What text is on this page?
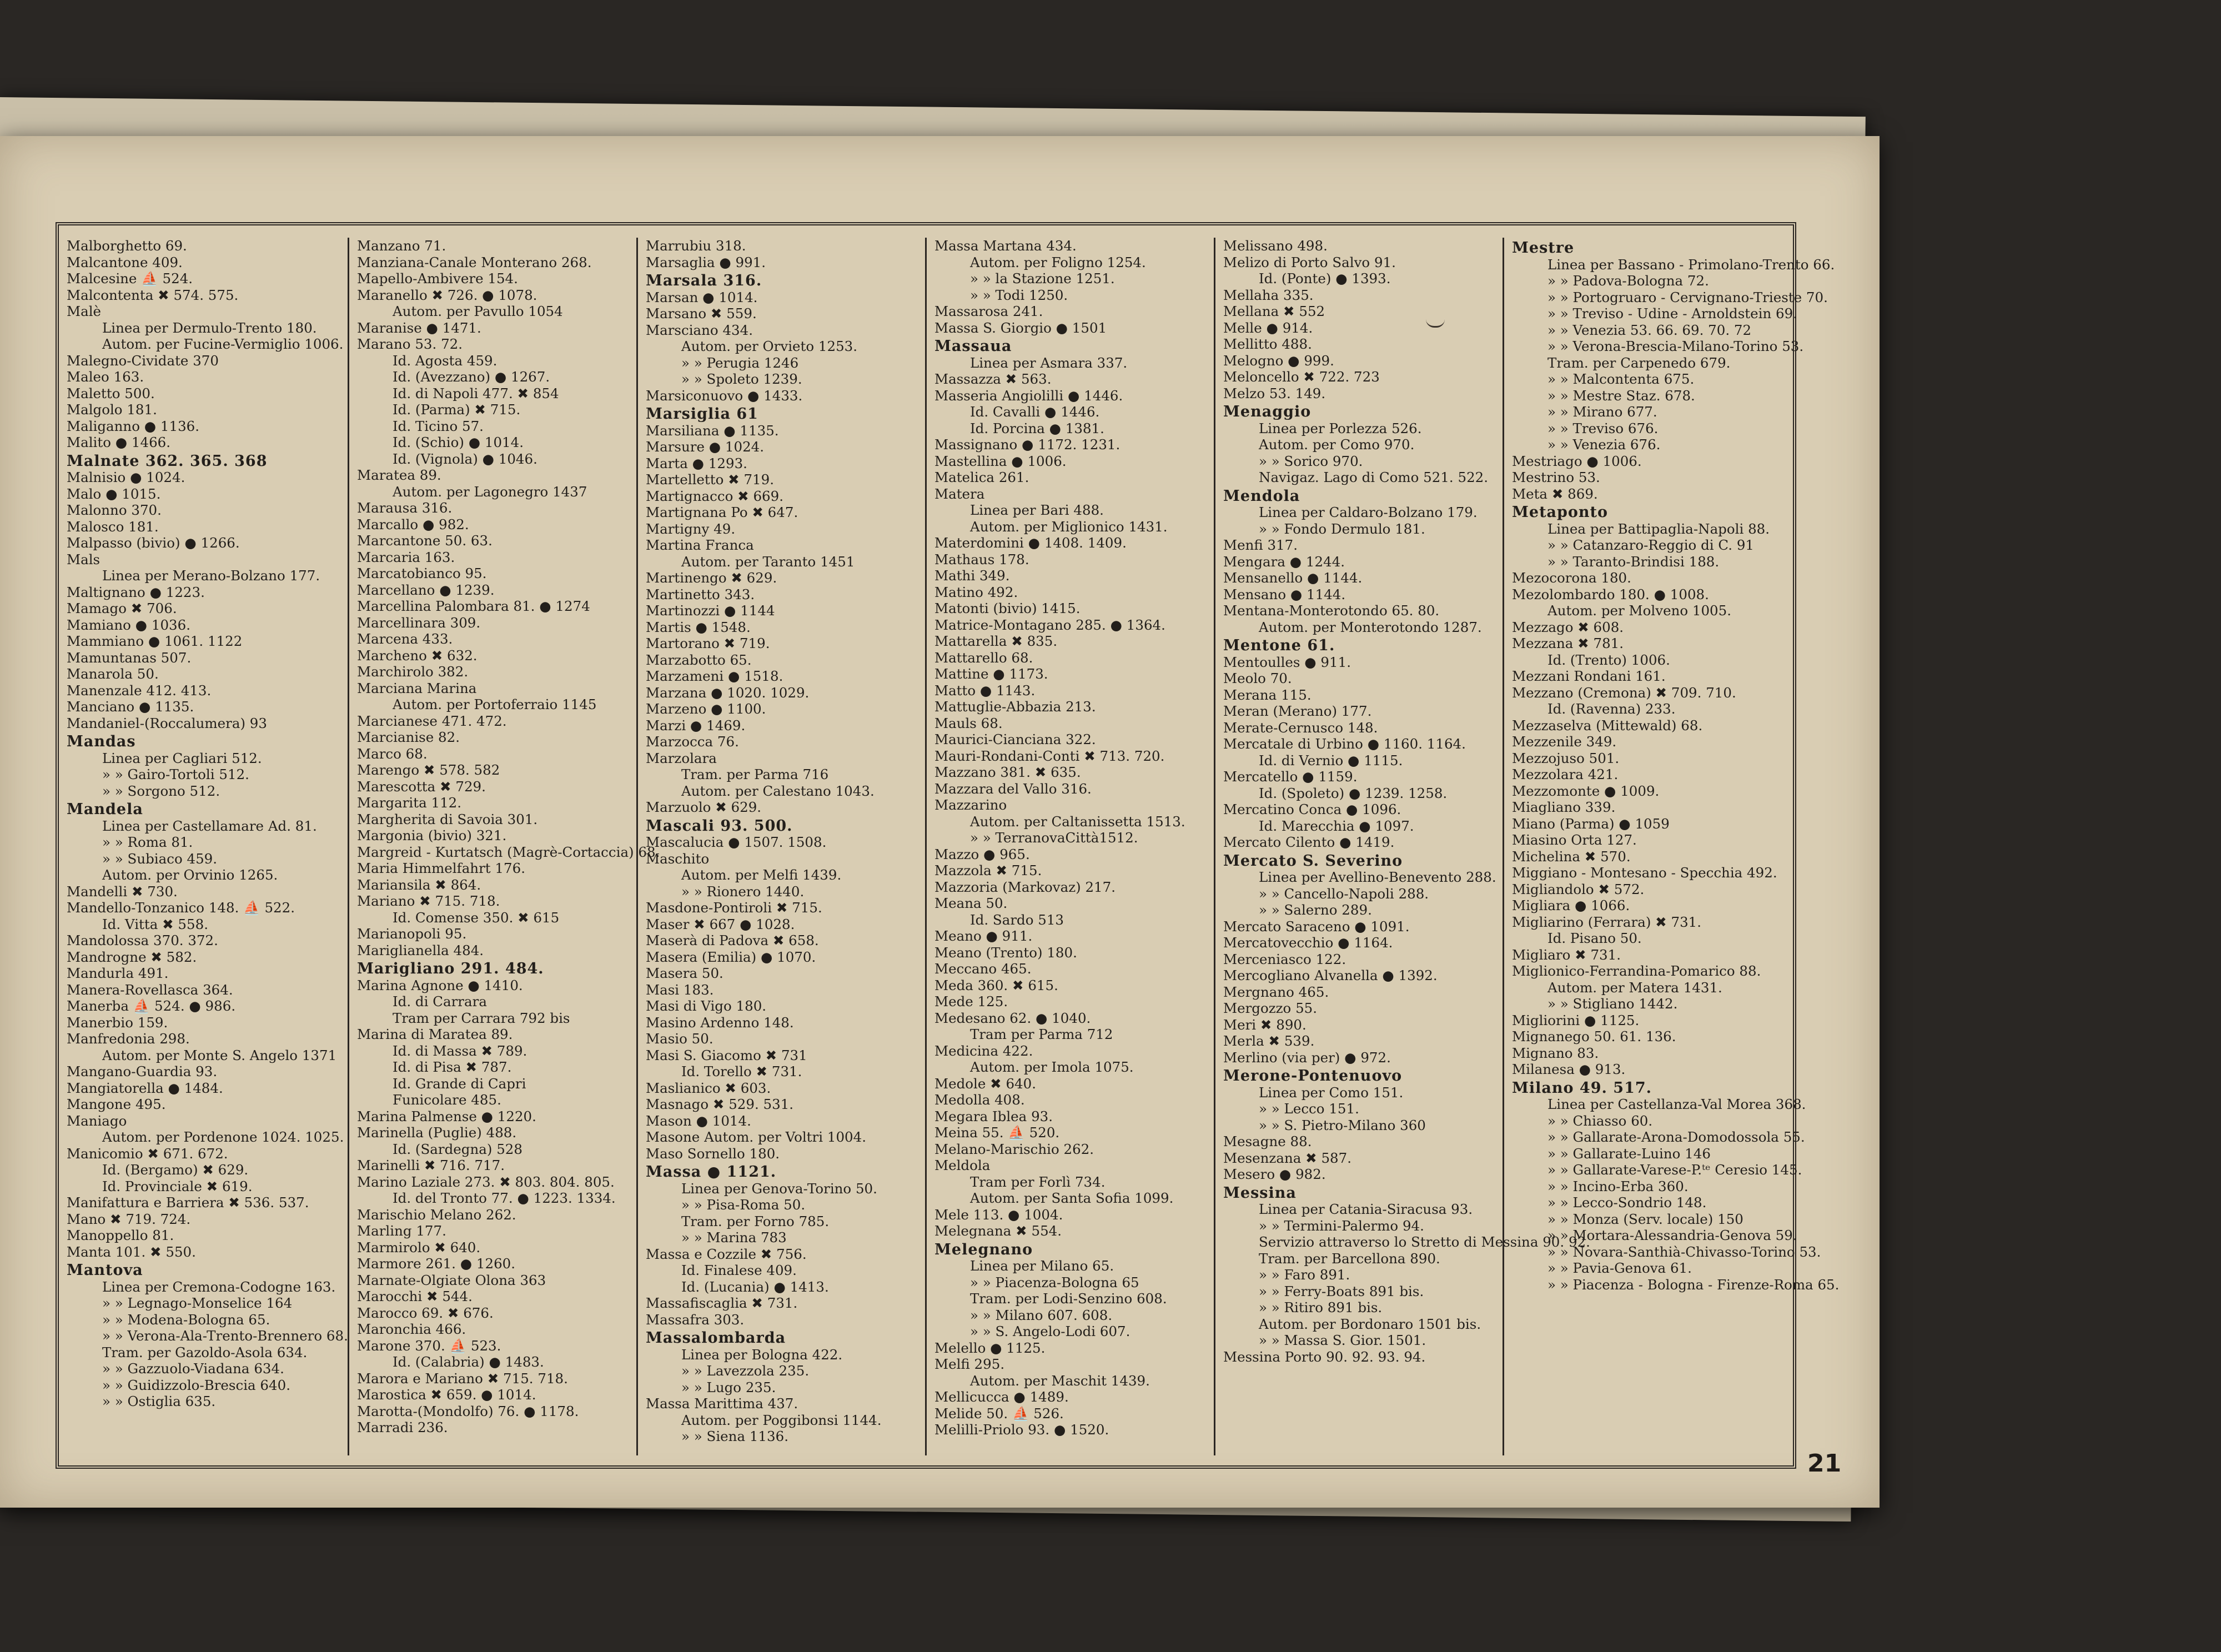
Malborghetto 69.

Malcantone 409.

Malcesine ⛵ 524.

Malcontenta ✖ 574. 575.

Malè

Linea per Dermulo-Trento 180.

Autom. per Fucine-Vermiglio 1006.

Malegno-Cividate 370

Maleo 163.

Maletto 500.

Malgolo 181.

Maliganno ● 1136.

Malito ● 1466.

Malnate 362. 365. 368

Malnisio ● 1024.

Malo ● 1015.

Malonno 370.

Malosco 181.

Malpasso (bivio) ● 1266.

Mals

Linea per Merano-Bolzano 177.

Maltignano ● 1223.

Mamago ✖ 706.

Mamiano ● 1036.

Mammiano ● 1061. 1122

Mamuntanas 507.

Manarola 50.

Manenzale 412. 413.

Manciano ● 1135.

Mandaniel-(Roccalumera) 93

Mandas

Linea per Cagliari 512.

» » Gairo-Tortoli 512.

» » Sorgono 512.

Mandela

Linea per Castellamare Ad. 81.

» » Roma 81.

» » Subiaco 459.

Autom. per Orvinio 1265.

Mandelli ✖ 730.

Mandello-Tonzanico 148. ⛵ 522.

Id. Vitta ✖ 558.

Mandolossa 370. 372.

Mandrogne ✖ 582.

Mandurla 491.

Manera-Rovellasca 364.

Manerba ⛵ 524. ● 986.

Manerbio 159.

Manfredonia 298.

Autom. per Monte S. Angelo 1371

Mangano-Guardia 93.

Mangiatorella ● 1484.

Mangone 495.

Maniago

Autom. per Pordenone 1024. 1025.

Manicomio ✖ 671. 672.

Id. (Bergamo) ✖ 629.

Id. Provinciale ✖ 619.

Manifattura e Barriera ✖ 536. 537.

Mano ✖ 719. 724.

Manoppello 81.

Manta 101. ✖ 550.

Mantova

Linea per Cremona-Codogne 163.

» » Legnago-Monselice 164

» » Modena-Bologna 65.

» » Verona-Ala-Trento-Brennero 68.

Tram. per Gazoldo-Asola 634.

» » Gazzuolo-Viadana 634.

» » Guidizzolo-Brescia 640.

» » Ostiglia 635.

Manzano 71.

Manziana-Canale Monterano 268.

Mapello-Ambivere 154.

Maranello ✖ 726. ● 1078.

Autom. per Pavullo 1054

Maranise ● 1471.

Marano 53. 72.

Id. Agosta 459.

Id. (Avezzano) ● 1267.

Id. di Napoli 477. ✖ 854

Id. (Parma) ✖ 715.

Id. Ticino 57.

Id. (Schio) ● 1014.

Id. (Vignola) ● 1046.

Maratea 89.

Autom. per Lagonegro 1437

Marausa 316.

Marcallo ● 982.

Marcantone 50. 63.

Marcaria 163.

Marcatobianco 95.

Marcellano ● 1239.

Marcellina Palombara 81. ● 1274

Marcellinara 309.

Marcena 433.

Marcheno ✖ 632.

Marchirolo 382.

Marciana Marina

Autom. per Portoferraio 1145

Marcianese 471. 472.

Marcianise 82.

Marco 68.

Marengo ✖ 578. 582

Marescotta ✖ 729.

Margarita 112.

Margherita di Savoia 301.

Margonia (bivio) 321.

Margreid - Kurtatsch (Magrè-Cortaccia) 68.

Maria Himmelfahrt 176.

Mariansila ✖ 864.

Mariano ✖ 715. 718.

Id. Comense 350. ✖ 615

Marianopoli 95.

Mariglianella 484.

Marigliano 291. 484.

Marina Agnone ● 1410.

Id. di Carrara

Tram per Carrara 792 bis

Marina di Maratea 89.

Id. di Massa ✖ 789.

Id. di Pisa ✖ 787.

Id. Grande di Capri

Funicolare 485.

Marina Palmense ● 1220.

Marinella (Puglie) 488.

Id. (Sardegna) 528

Marinelli ✖ 716. 717.

Marino Laziale 273. ✖ 803. 804. 805.

Id. del Tronto 77. ● 1223. 1334.

Marischio Melano 262.

Marling 177.

Marmirolo ✖ 640.

Marmore 261. ● 1260.

Marnate-Olgiate Olona 363

Marocchi ✖ 544.

Marocco 69. ✖ 676.

Maronchia 466.

Marone 370. ⛵ 523.

Id. (Calabria) ● 1483.

Marora e Mariano ✖ 715. 718.

Marostica ✖ 659. ● 1014.

Marotta-(Mondolfo) 76. ● 1178.

Marradi 236.

Marrubiu 318.

Marsaglia ● 991.

Marsala 316.

Marsan ● 1014.

Marsano ✖ 559.

Marsciano 434.

Autom. per Orvieto 1253.

» » Perugia 1246

» » Spoleto 1239.

Marsiconuovo ● 1433.

Marsiglia 61

Marsiliana ● 1135.

Marsure ● 1024.

Marta ● 1293.

Martelletto ✖ 719.

Martignacco ✖ 669.

Martignana Po ✖ 647.

Martigny 49.

Martina Franca

Autom. per Taranto 1451

Martinengo ✖ 629.

Martinetto 343.

Martinozzi ● 1144

Martis ● 1548.

Martorano ✖ 719.

Marzabotto 65.

Marzameni ● 1518.

Marzana ● 1020. 1029.

Marzeno ● 1100.

Marzi ● 1469.

Marzocca 76.

Marzolara

Tram. per Parma 716

Autom. per Calestano 1043.

Marzuolo ✖ 629.

Mascali 93. 500.

Mascalucia ● 1507. 1508.

Maschito

Autom. per Melfi 1439.

» » Rionero 1440.

Masdone-Pontiroli ✖ 715.

Maser ✖ 667 ● 1028.

Maserà di Padova ✖ 658.

Masera (Emilia) ● 1070.

Masera 50.

Masi 183.

Masi di Vigo 180.

Masino Ardenno 148.

Masio 50.

Masi S. Giacomo ✖ 731

Id. Torello ✖ 731.

Maslianico ✖ 603.

Masnago ✖ 529. 531.

Mason ● 1014.

Masone Autom. per Voltri 1004.

Maso Sornello 180.

Massa ● 1121.

Linea per Genova-Torino 50.

» » Pisa-Roma 50.

Tram. per Forno 785.

» » Marina 783

Massa e Cozzile ✖ 756.

Id. Finalese 409.

Id. (Lucania) ● 1413.

Massafiscaglia ✖ 731.

Massafra 303.

Massalombarda

Linea per Bologna 422.

» » Lavezzola 235.

» » Lugo 235.

Massa Marittima 437.

Autom. per Poggibonsi 1144.

» » Siena 1136.

Massa Martana 434.

Autom. per Foligno 1254.

» » la Stazione 1251.

» » Todi 1250.

Massarosa 241.

Massa S. Giorgio ● 1501

Massaua

Linea per Asmara 337.

Massazza ✖ 563.

Masseria Angiolilli ● 1446.

Id. Cavalli ● 1446.

Id. Porcina ● 1381.

Massignano ● 1172. 1231.

Mastellina ● 1006.

Matelica 261.

Matera

Linea per Bari 488.

Autom. per Miglionico 1431.

Materdomini ● 1408. 1409.

Mathaus 178.

Mathi 349.

Matino 492.

Matonti (bivio) 1415.

Matrice-Montagano 285. ● 1364.

Mattarella ✖ 835.

Mattarello 68.

Mattine ● 1173.

Matto ● 1143.

Mattuglie-Abbazia 213.

Mauls 68.

Maurici-Cianciana 322.

Mauri-Rondani-Conti ✖ 713. 720.

Mazzano 381. ✖ 635.

Mazzara del Vallo 316.

Mazzarino

Autom. per Caltanissetta 1513.

» » TerranovaCittà1512.

Mazzo ● 965.

Mazzola ✖ 715.

Mazzoria (Markovaz) 217.

Meana 50.

Id. Sardo 513

Meano ● 911.

Meano (Trento) 180.

Meccano 465.

Meda 360. ✖ 615.

Mede 125.

Medesano 62. ● 1040.

Tram per Parma 712

Medicina 422.

Autom. per Imola 1075.

Medole ✖ 640.

Medolla 408.

Megara Iblea 93.

Meina 55. ⛵ 520.

Melano-Marischio 262.

Meldola

Tram per Forlì 734.

Autom. per Santa Sofia 1099.

Mele 113. ● 1004.

Melegnana ✖ 554.

Melegnano

Linea per Milano 65.

» » Piacenza-Bologna 65

Tram. per Lodi-Senzino 608.

» » Milano 607. 608.

» » S. Angelo-Lodi 607.

Melello ● 1125.

Melfi 295.

Autom. per Maschit 1439.

Mellicucca ● 1489.

Melide 50. ⛵ 526.

Melilli-Priolo 93. ● 1520.

Melissano 498.

Melizo di Porto Salvo 91.

Id. (Ponte) ● 1393.

Mellaha 335.

Mellana ✖ 552

Melle ● 914.

Mellitto 488.

Melogno ● 999.

Meloncello ✖ 722. 723

Melzo 53. 149.

Menaggio

Linea per Porlezza 526.

Autom. per Como 970.

» » Sorico 970.

Navigaz. Lago di Como 521. 522.

Mendola

Linea per Caldaro-Bolzano 179.

» » Fondo Dermulo 181.

Menfi 317.

Mengara ● 1244.

Mensanello ● 1144.

Mensano ● 1144.

Mentana-Monterotondo 65. 80.

Autom. per Monterotondo 1287.

Mentone 61.

Mentoulles ● 911.

Meolo 70.

Merana 115.

Meran (Merano) 177.

Merate-Cernusco 148.

Mercatale di Urbino ● 1160. 1164.

Id. di Vernio ● 1115.

Mercatello ● 1159.

Id. (Spoleto) ● 1239. 1258.

Mercatino Conca ● 1096.

Id. Marecchia ● 1097.

Mercato Cilento ● 1419.

Mercato S. Severino

Linea per Avellino-Benevento 288.

» » Cancello-Napoli 288.

» » Salerno 289.

Mercato Saraceno ● 1091.

Mercatovecchio ● 1164.

Merceniasco 122.

Mercogliano Alvanella ● 1392.

Mergnano 465.

Mergozzo 55.

Meri ✖ 890.

Merla ✖ 539.

Merlino (via per) ● 972.

Merone-Pontenuovo

Linea per Como 151.

» » Lecco 151.

» » S. Pietro-Milano 360

Mesagne 88.

Mesenzana ✖ 587.

Mesero ● 982.

Messina

Linea per Catania-Siracusa 93.

» » Termini-Palermo 94.

Servizio attraverso lo Stretto di Messina 90. 92.

Tram. per Barcellona 890.

» » Faro 891.

» » Ferry-Boats 891 bis.

» » Ritiro 891 bis.

Autom. per Bordonaro 1501 bis.

» » Massa S. Gior. 1501.

Messina Porto 90. 92. 93. 94.

Mestre

Linea per Bassano - Primolano-Trento 66.

» » Padova-Bologna 72.

» » Portogruaro - Cervignano-Trieste 70.

» » Treviso - Udine - Arnoldstein 69.

» » Venezia 53. 66. 69. 70. 72

» » Verona-Brescia-Milano-Torino 53.

Tram. per Carpenedo 679.

» » Malcontenta 675.

» » Mestre Staz. 678.

» » Mirano 677.

» » Treviso 676.

» » Venezia 676.

Mestriago ● 1006.

Mestrino 53.

Meta ✖ 869.

Metaponto

Linea per Battipaglia-Napoli 88.

» » Catanzaro-Reggio di C. 91

» » Taranto-Brindisi 188.

Mezocorona 180.

Mezolombardo 180. ● 1008.

Autom. per Molveno 1005.

Mezzago ✖ 608.

Mezzana ✖ 781.

Id. (Trento) 1006.

Mezzani Rondani 161.

Mezzano (Cremona) ✖ 709. 710.

Id. (Ravenna) 233.

Mezzaselva (Mittewald) 68.

Mezzenile 349.

Mezzojuso 501.

Mezzolara 421.

Mezzomonte ● 1009.

Miagliano 339.

Miano (Parma) ● 1059

Miasino Orta 127.

Michelina ✖ 570.

Miggiano - Montesano - Specchia 492.

Migliandolo ✖ 572.

Migliara ● 1066.

Migliarino (Ferrara) ✖ 731.

Id. Pisano 50.

Migliaro ✖ 731.

Miglionico-Ferrandina-Pomarico 88.

Autom. per Matera 1431.

» » Stigliano 1442.

Migliorini ● 1125.

Mignanego 50. 61. 136.

Mignano 83.

Milanesa ● 913.

Milano 49. 517.

Linea per Castellanza-Val Morea 368.

» » Chiasso 60.

» » Gallarate-Arona-Domodossola 55.

» » Gallarate-Luino 146

» » Gallarate-Varese-P.ᵗᵉ Ceresio 145.

» » Incino-Erba 360.

» » Lecco-Sondrio 148.

» » Monza (Serv. locale) 150

» » Mortara-Alessandria-Genova 59.

» » Novara-Santhià-Chivasso-Torino 53.

» » Pavia-Genova 61.

» » Piacenza - Bologna - Firenze-Roma 65.

21
